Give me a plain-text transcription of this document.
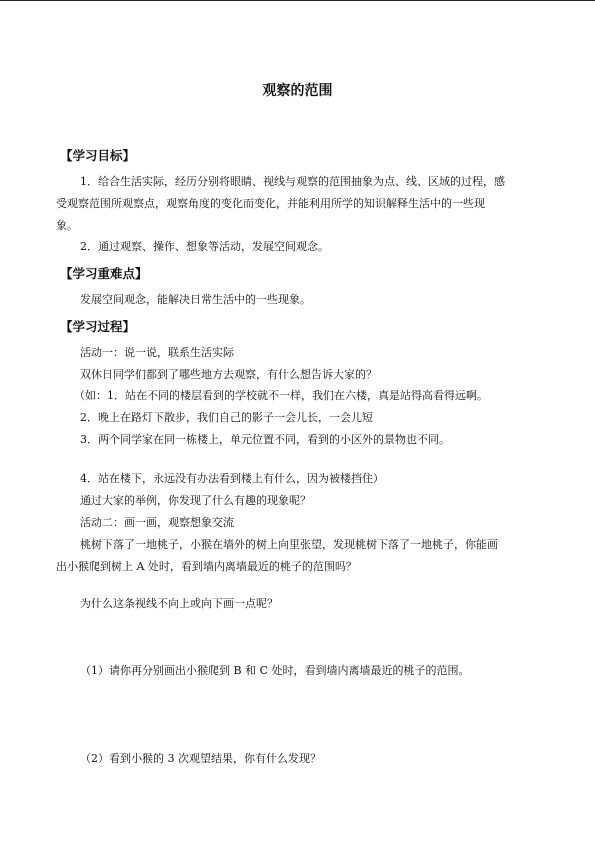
观察的范围
【学习目标】
1．给合生活实际，经历分别将眼睛、视线与观察的范围抽象为点、线、区域的过程，感
受观察范围所观察点，观察角度的变化而变化，并能利用所学的知识解释生活中的一些现
象。
2．通过观察、操作、想象等活动，发展空间观念。
【学习重难点】
发展空间观念，能解决日常生活中的一些现象。
【学习过程】
活动一：说一说，联系生活实际
双休日同学们都到了哪些地方去观察，有什么想告诉大家的？
（如：1．站在不同的楼层看到的学校就不一样，我们在六楼，真是站得高看得远啊。
2．晚上在路灯下散步，我们自己的影子一会儿长，一会儿短
3．两个同学家在同一栋楼上，单元位置不同，看到的小区外的景物也不同。
4．站在楼下，永远没有办法看到楼上有什么，因为被楼挡住）
通过大家的举例，你发现了什么有趣的现象呢？
活动二：画一画，观察想象交流
桃树下落了一地桃子，小猴在墙外的树上向里张望，发现桃树下落了一地桃子，你能画
出小猴爬到树上 A 处时，看到墙内离墙最近的桃子的范围吗？
为什么这条视线不向上或向下画一点呢？
（1）请你再分别画出小猴爬到 B 和 C 处时，看到墙内离墙最近的桃子的范围。
（2）看到小猴的 3 次观望结果，你有什么发现？
